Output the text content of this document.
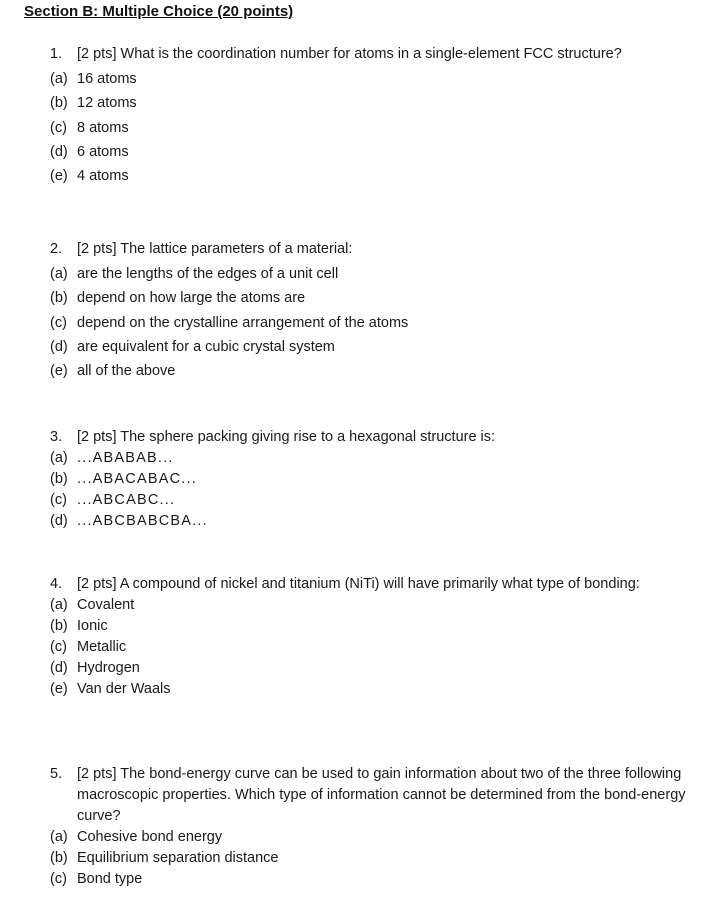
Section B: Multiple Choice (20 points)
1. [2 pts] What is the coordination number for atoms in a single-element FCC structure?
(a) 16 atoms
(b) 12 atoms
(c) 8 atoms
(d) 6 atoms
(e) 4 atoms
2. [2 pts] The lattice parameters of a material:
(a) are the lengths of the edges of a unit cell
(b) depend on how large the atoms are
(c) depend on the crystalline arrangement of the atoms
(d) are equivalent for a cubic crystal system
(e) all of the above
3. [2 pts] The sphere packing giving rise to a hexagonal structure is:
(a) ...ABABAB...
(b) ...ABACABAC...
(c) ...ABCABC...
(d) ...ABCBABCBA...
4. [2 pts] A compound of nickel and titanium (NiTi) will have primarily what type of bonding:
(a) Covalent
(b) Ionic
(c) Metallic
(d) Hydrogen
(e) Van der Waals
5. [2 pts] The bond-energy curve can be used to gain information about two of the three following macroscopic properties. Which type of information cannot be determined from the bond-energy curve?
(a) Cohesive bond energy
(b) Equilibrium separation distance
(c) Bond type
